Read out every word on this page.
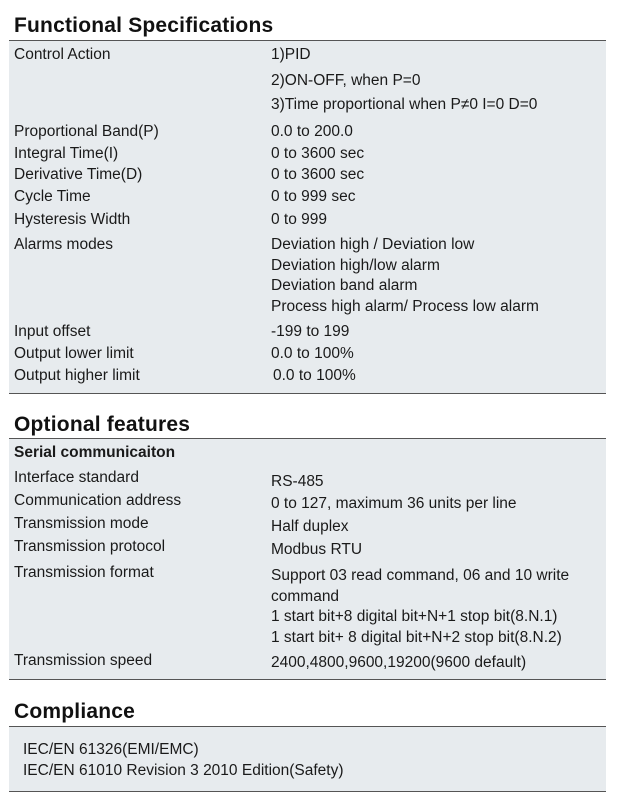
Functional Specifications
Control Action	1)PID
2)ON-OFF, when P=0
3)Time proportional when P≠0 I=0 D=0
Proportional Band(P)	0.0 to 200.0
Integral Time(I)	0 to 3600 sec
Derivative Time(D)	0 to 3600 sec
Cycle Time	0 to 999 sec
Hysteresis Width	0 to 999
Alarms modes	Deviation high / Deviation low
Deviation high/low alarm
Deviation band alarm
Process high alarm/ Process low alarm
Input offset	-199 to 199
Output lower limit	0.0 to 100%
Output higher limit	0.0 to 100%
Optional features
Serial communicaiton
Interface standard	RS-485
Communication address	0 to 127, maximum 36 units per line
Transmission mode	Half duplex
Transmission protocol	Modbus RTU
Transmission format	Support 03 read command, 06 and 10 write
command
1 start bit+8 digital bit+N+1 stop bit(8.N.1)
1 start bit+ 8 digital bit+N+2 stop bit(8.N.2)
Transmission speed	2400,4800,9600,19200(9600 default)
Compliance
IEC/EN 61326(EMI/EMC)
IEC/EN 61010 Revision 3 2010 Edition(Safety)
